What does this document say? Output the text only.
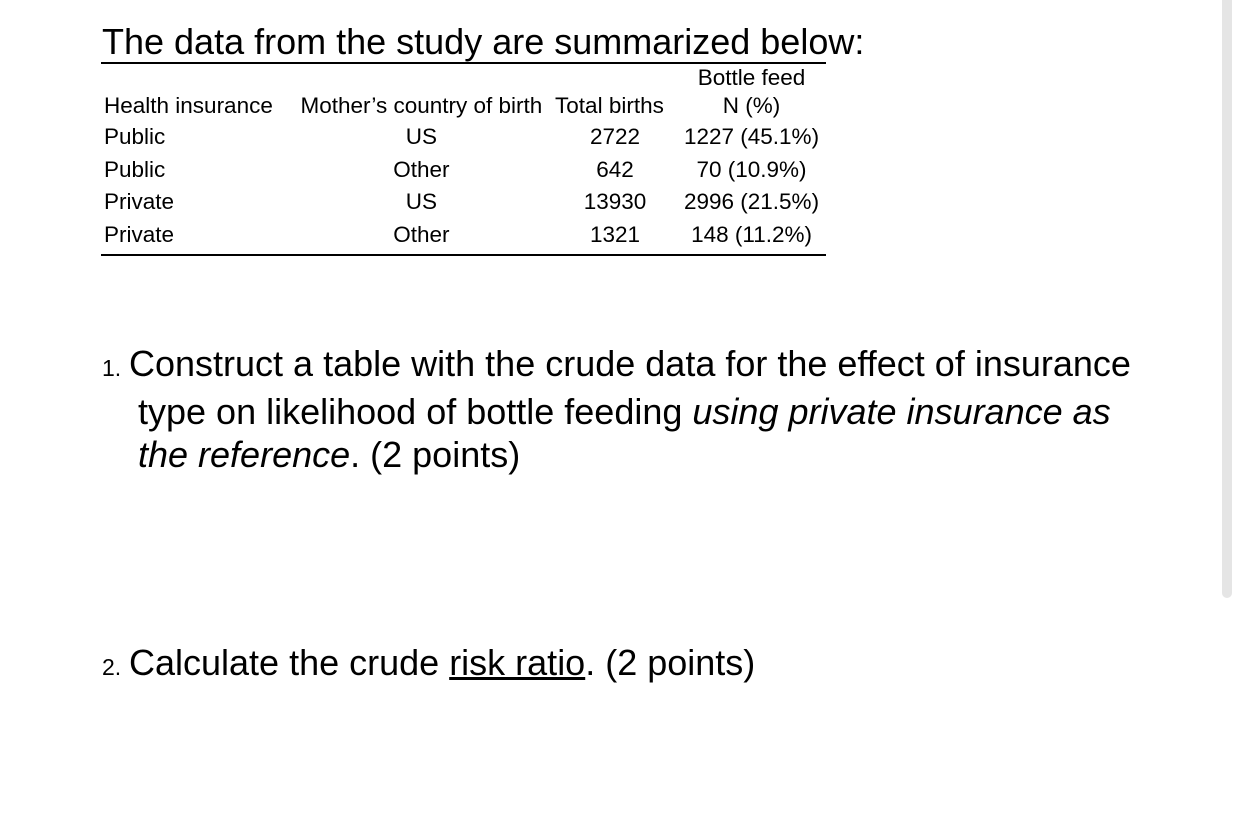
The data from the study are summarized below:
Health insurance	Mother’s country of birth	Total births	Bottle feed
N (%)

Public	US	2722	1227 (45.1%)
Public	Other	642	70 (10.9%)
Private	US	13930	2996 (21.5%)
Private	Other	1321	148 (11.2%)

1. Construct a table with the crude data for the effect of insurance
type on likelihood of bottle feeding using private insurance as the reference. (2 points)

2. Calculate the crude risk ratio. (2 points)
